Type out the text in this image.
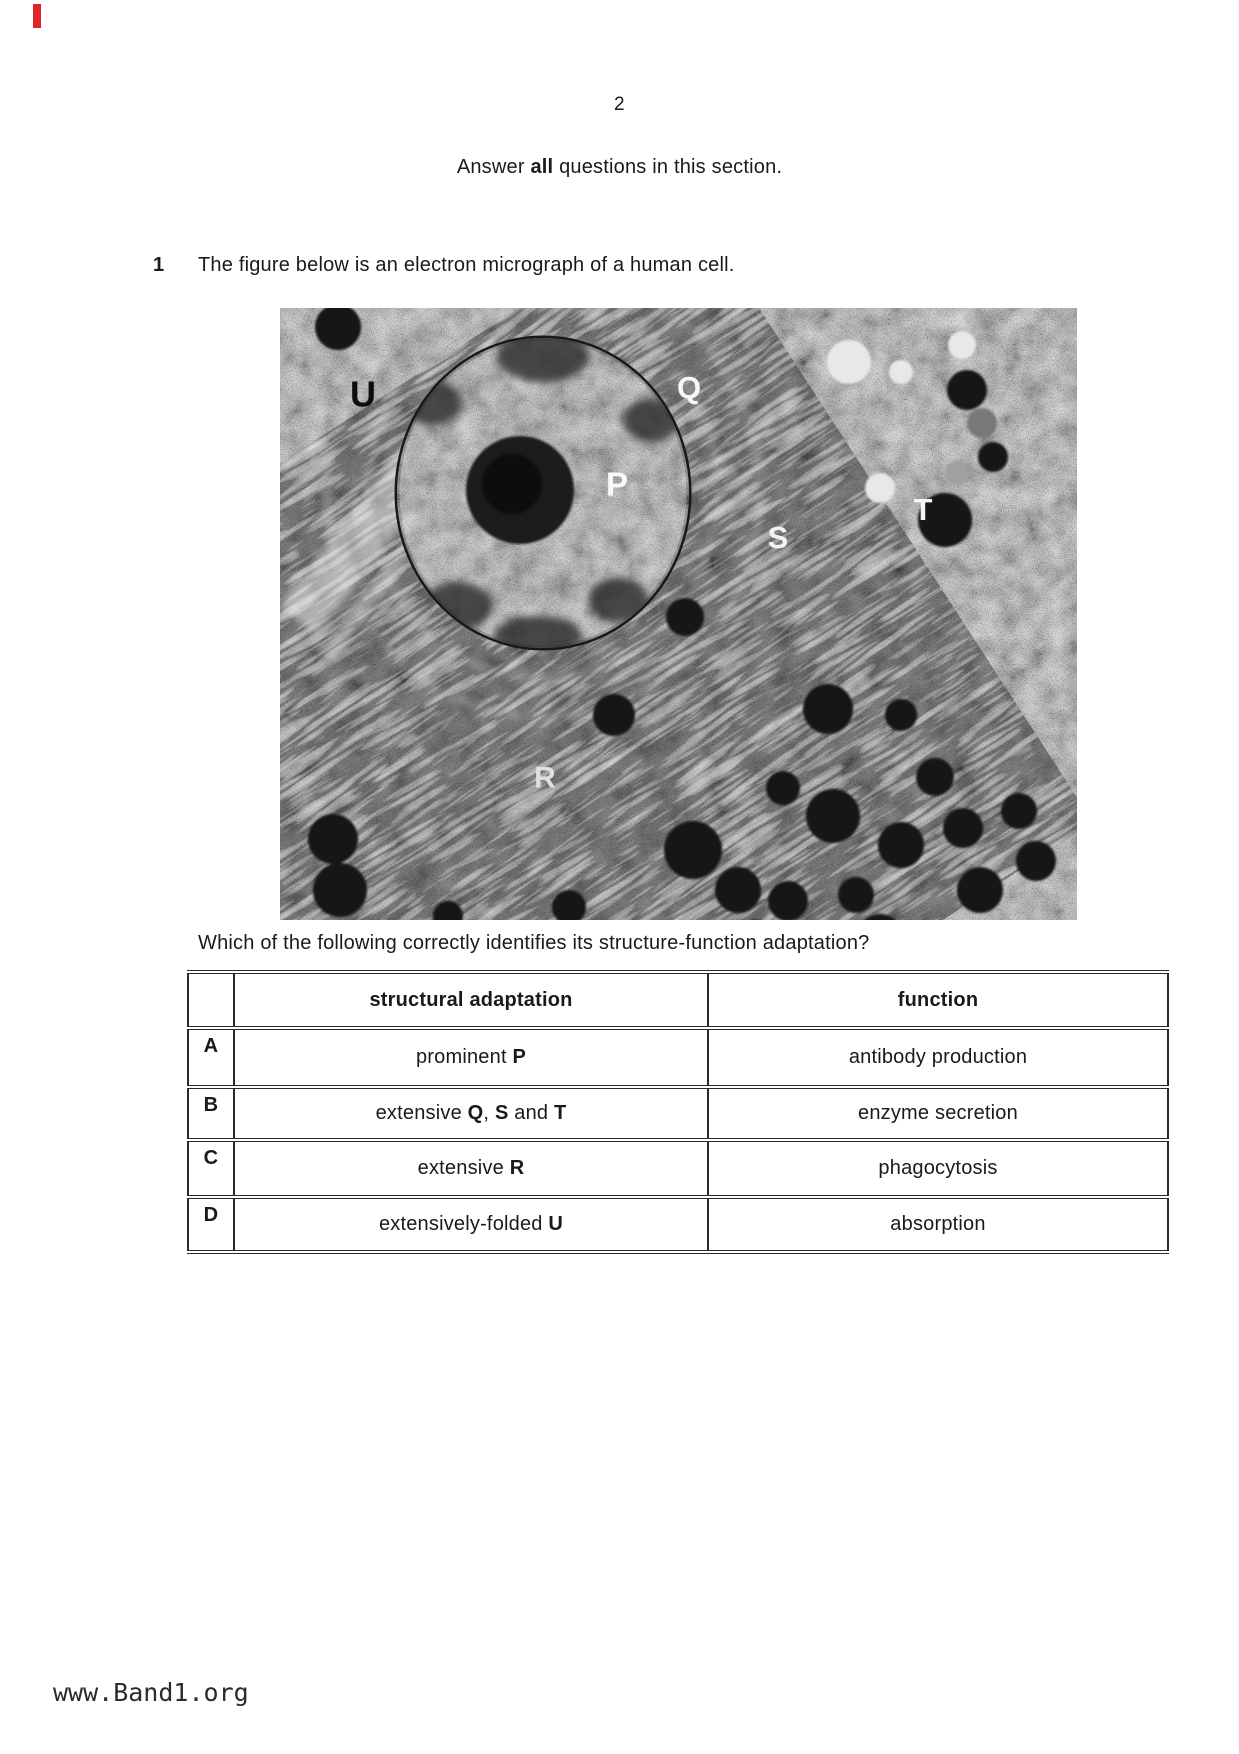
2
Answer all questions in this section.
1 The figure below is an electron micrograph of a human cell.
U	Q
P
S
T
R
Which of the following correctly identifies its structure-function adaptation?
	structural adaptation	function
A	prominent P	antibody production
B	extensive Q, S and T	enzyme secretion
C	extensive R	phagocytosis
D	extensively-folded U	absorption
www.Band1.org
